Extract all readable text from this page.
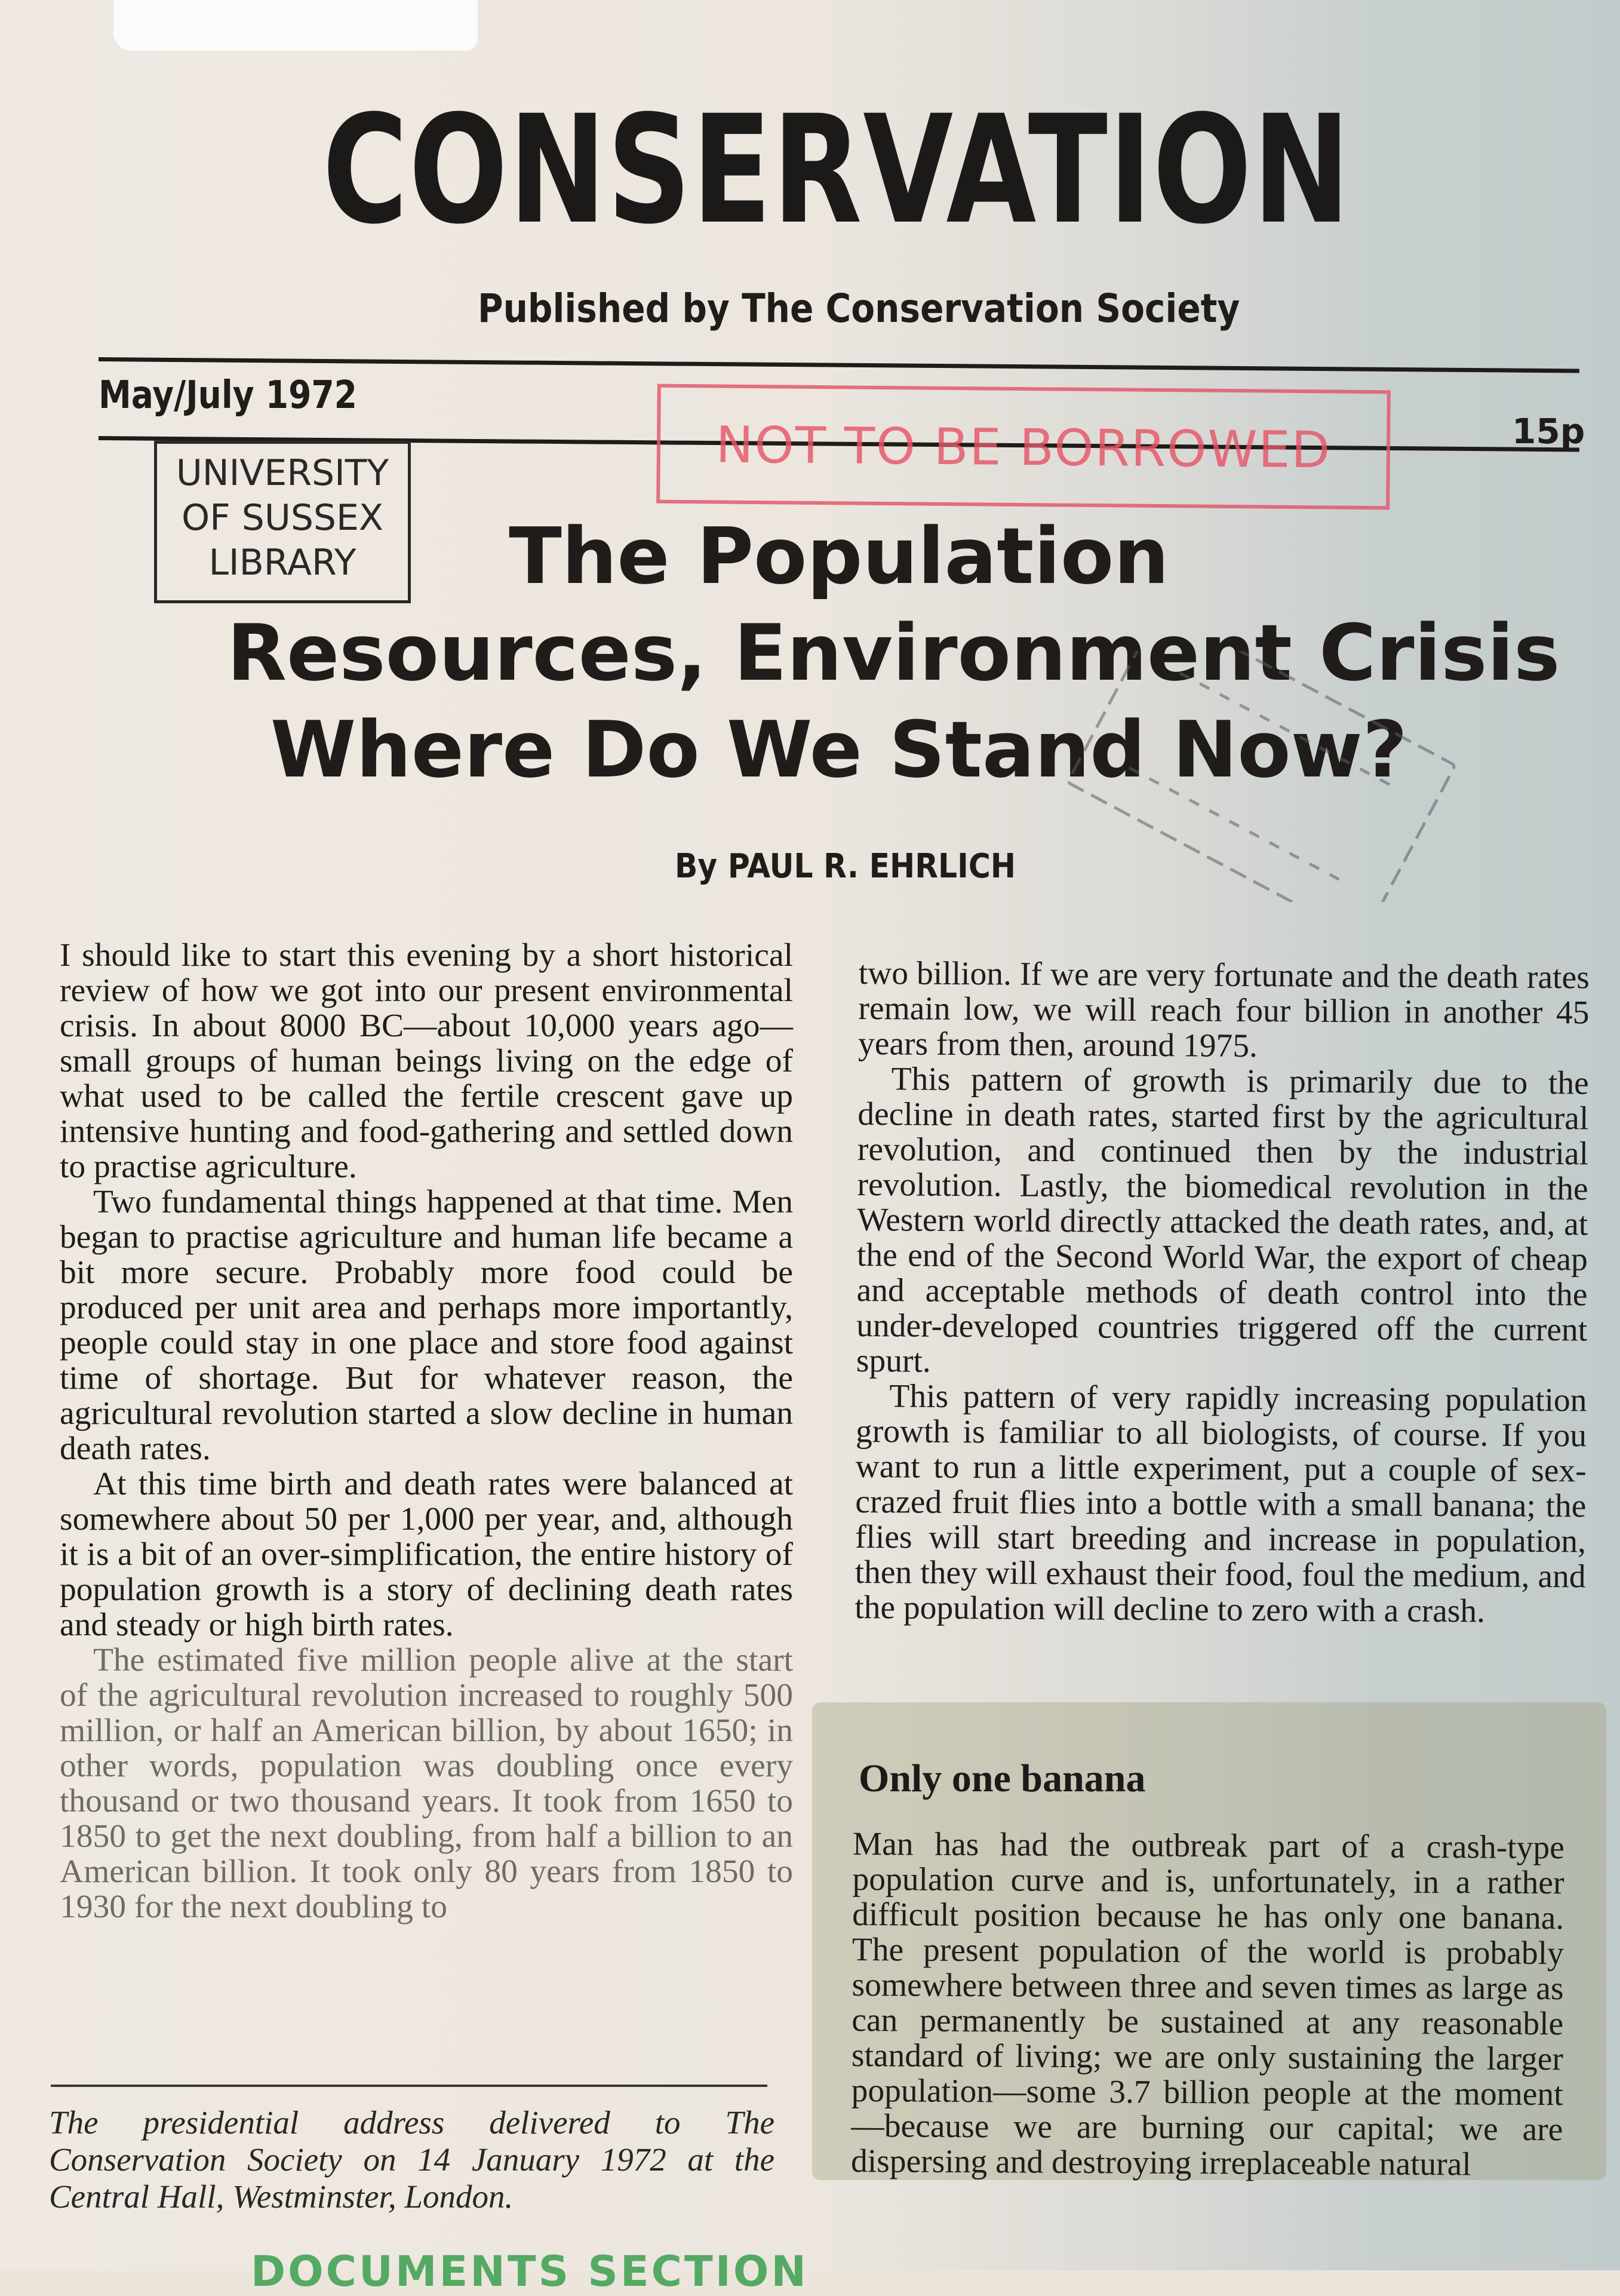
CONSERVATION
Published by The Conservation Society
May/July 1972
15p
NOT TO BE BORROWED
UNIVERSITY
OF SUSSEX
LIBRARY	The Population
Resources, Environment Crisis
Where Do We Stand Now?
By PAUL R. EHRLICH

I should like to start this evening by a short historical review of how we got into our present environmental crisis. In about 8000 BC—about 10,000 years ago—small groups of human beings living on the edge of what used to be called the fertile crescent gave up intensive hunting and food-gathering and settled down to practise agriculture.

Two fundamental things happened at that time. Men began to practise agriculture and human life became a bit more secure. Probably more food could be produced per unit area and perhaps more importantly, people could stay in one place and store food against time of shortage. But for whatever reason, the agricultural revolution started a slow decline in human death rates.

At this time birth and death rates were balanced at somewhere about 50 per 1,000 per year, and, although it is a bit of an over-simplification, the entire history of population growth is a story of declining death rates and steady or high birth rates.

The estimated five million people alive at the start of the agricultural revolution increased to roughly 500 million, or half an American billion, by about 1650; in other words, population was doubling once every thousand or two thousand years. It took from 1650 to 1850 to get the next doubling, from half a billion to an American billion. It took only 80 years from 1850 to 1930 for the next doubling to

two billion. If we are very fortunate and the death rates remain low, we will reach four billion in another 45 years from then, around 1975.

This pattern of growth is primarily due to the decline in death rates, started first by the agricultural revolution, and continued then by the industrial revolution. Lastly, the biomedical revolution in the Western world directly attacked the death rates, and, at the end of the Second World War, the export of cheap and acceptable methods of death control into the under-developed countries triggered off the current spurt.

This pattern of very rapidly increasing population growth is familiar to all biologists, of course. If you want to run a little experiment, put a couple of sex-crazed fruit flies into a bottle with a small banana; the flies will start breeding and increase in population, then they will exhaust their food, foul the medium, and the population will decline to zero with a crash.

Only one banana

Man has had the outbreak part of a crash-type population curve and is, unfortunately, in a rather difficult position because he has only one banana. The present population of the world is probably somewhere between three and seven times as large as can permanently be sustained at any reasonable standard of living; we are only sustaining the larger population—some 3.7 billion people at the moment—because we are burning our capital; we are dispersing and destroying irreplaceable natural

The presidential address delivered to The Conservation Society on 14 January 1972 at the Central Hall, Westminster, London.
DOCUMENTS SECTION
